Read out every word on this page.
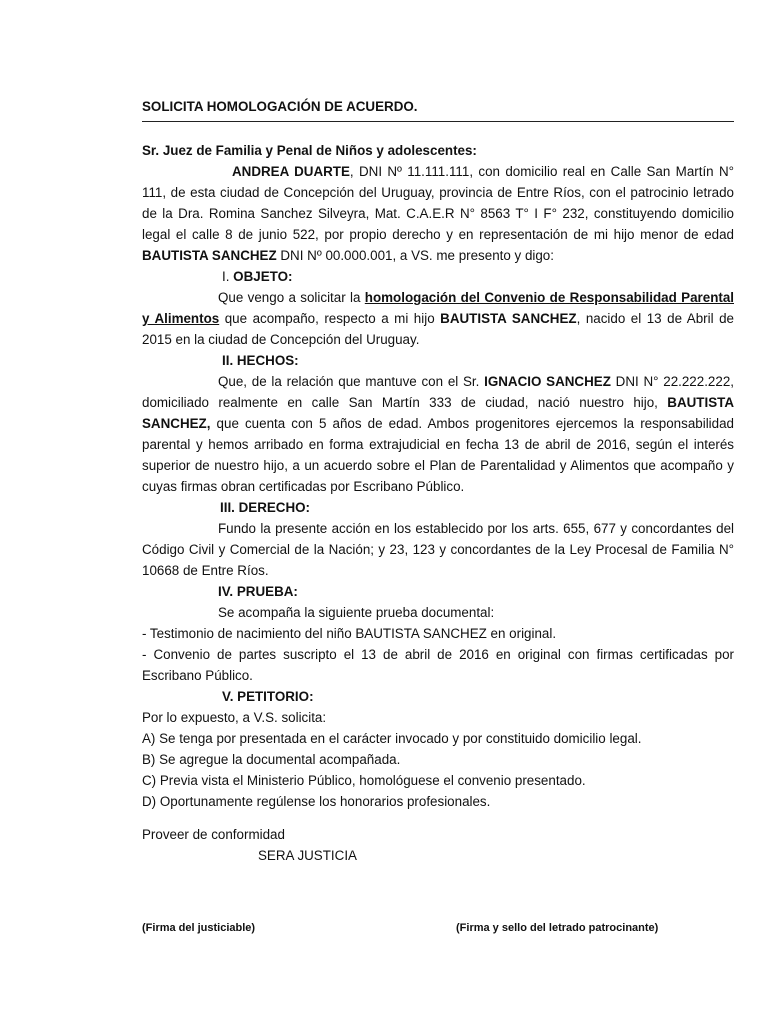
SOLICITA HOMOLOGACIÓN DE ACUERDO.

Sr. Juez de Familia y Penal de Niños y adolescentes:

ANDREA DUARTE, DNI Nº 11.111.111, con domicilio real en Calle San Martín N° 111, de esta ciudad de Concepción del Uruguay, provincia de Entre Ríos, con el patrocinio letrado de la Dra. Romina Sanchez Silveyra, Mat. C.A.E.R N° 8563 T° I F° 232, constituyendo domicilio legal el calle 8 de junio 522, por propio derecho y en representación de mi hijo menor de edad BAUTISTA SANCHEZ DNI Nº 00.000.001, a VS. me presento y digo:

I. OBJETO:

Que vengo a solicitar la homologación del Convenio de Responsabilidad Parental y Alimentos que acompaño, respecto a mi hijo BAUTISTA SANCHEZ, nacido el 13 de Abril de 2015 en la ciudad de Concepción del Uruguay.

II. HECHOS:

Que, de la relación que mantuve con el Sr. IGNACIO SANCHEZ DNI N° 22.222.222, domiciliado realmente en calle San Martín 333 de ciudad, nació nuestro hijo, BAUTISTA SANCHEZ, que cuenta con 5 años de edad. Ambos progenitores ejercemos la responsabilidad parental y hemos arribado en forma extrajudicial en fecha 13 de abril de 2016, según el interés superior de nuestro hijo, a un acuerdo sobre el Plan de Parentalidad y Alimentos que acompaño y cuyas firmas obran certificadas por Escribano Público.

III. DERECHO:

Fundo la presente acción en los establecido por los arts. 655, 677 y concordantes del Código Civil y Comercial de la Nación; y 23, 123 y concordantes de la Ley Procesal de Familia N° 10668 de Entre Ríos.

IV. PRUEBA:

Se acompaña la siguiente prueba documental:

- Testimonio de nacimiento del niño BAUTISTA SANCHEZ en original.

- Convenio de partes suscripto el 13 de abril de 2016 en original con firmas certificadas por Escribano Público.

V. PETITORIO:

Por lo expuesto, a V.S. solicita:

A) Se tenga por presentada en el carácter invocado y por constituido domicilio legal.

B) Se agregue la documental acompañada.

C) Previa vista el Ministerio Público, homológuese el convenio presentado.

D) Oportunamente regúlense los honorarios profesionales.

Proveer de conformidad

SERA JUSTICIA

(Firma del justiciable)	(Firma y sello del letrado patrocinante)
